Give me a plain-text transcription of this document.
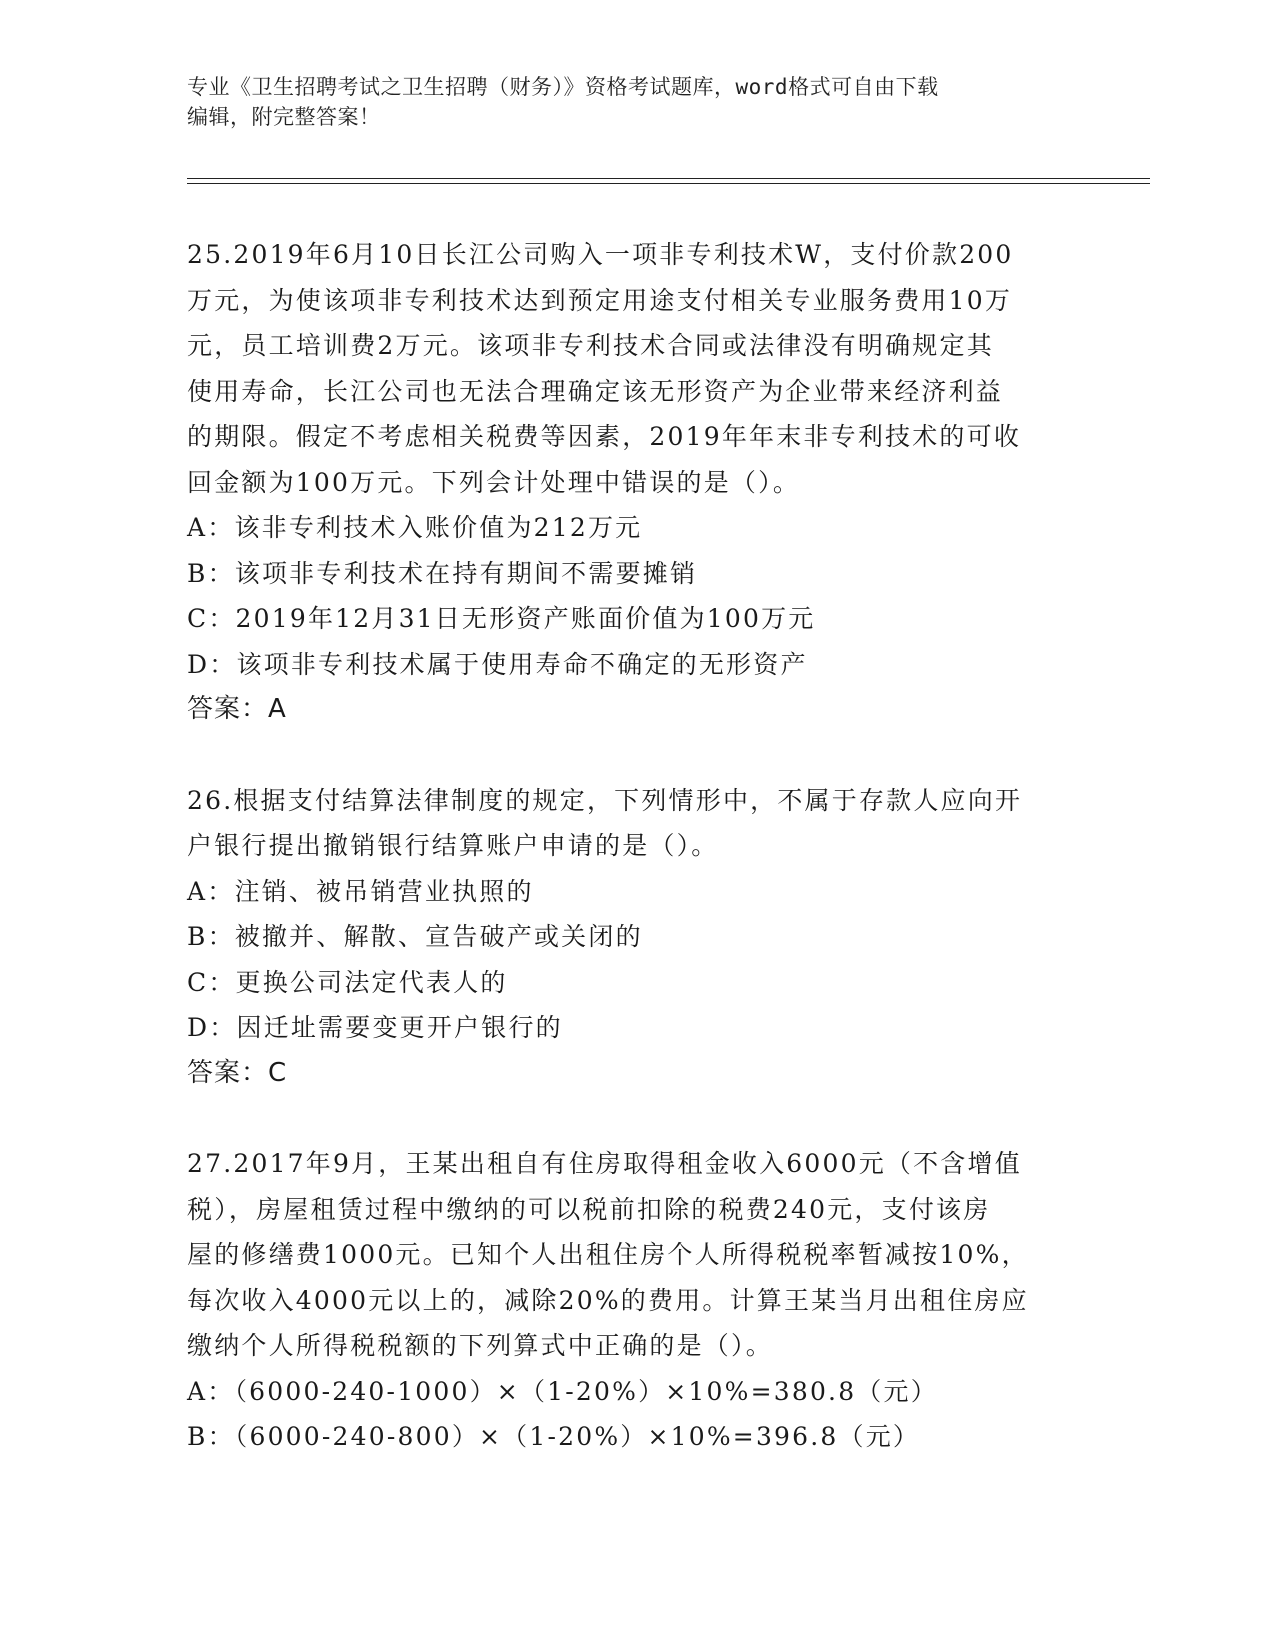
专业《卫生招聘考试之卫生招聘（财务）》资格考试题库，word格式可自由下载
编辑，附完整答案！
25.2019年6月10日长江公司购入一项非专利技术W，支付价款200
万元，为使该项非专利技术达到预定用途支付相关专业服务费用10万
元，员工培训费2万元。该项非专利技术合同或法律没有明确规定其
使用寿命，长江公司也无法合理确定该无形资产为企业带来经济利益
的期限。假定不考虑相关税费等因素，2019年年末非专利技术的可收
回金额为100万元。下列会计处理中错误的是（）。
A：该非专利技术入账价值为212万元
B：该项非专利技术在持有期间不需要摊销
C：2019年12月31日无形资产账面价值为100万元
D：该项非专利技术属于使用寿命不确定的无形资产
答案：A
26.根据支付结算法律制度的规定，下列情形中，不属于存款人应向开
户银行提出撤销银行结算账户申请的是（）。
A：注销、被吊销营业执照的
B：被撤并、解散、宣告破产或关闭的
C：更换公司法定代表人的
D：因迁址需要变更开户银行的
答案：C
27.2017年9月，王某出租自有住房取得租金收入6000元（不含增值
税），房屋租赁过程中缴纳的可以税前扣除的税费240元，支付该房
屋的修缮费1000元。已知个人出租住房个人所得税税率暂减按10%，
每次收入4000元以上的，减除20%的费用。计算王某当月出租住房应
缴纳个人所得税税额的下列算式中正确的是（）。
A：（6000-240-1000）×（1-20%）×10%=380.8（元）
B：（6000-240-800）×（1-20%）×10%=396.8（元）
